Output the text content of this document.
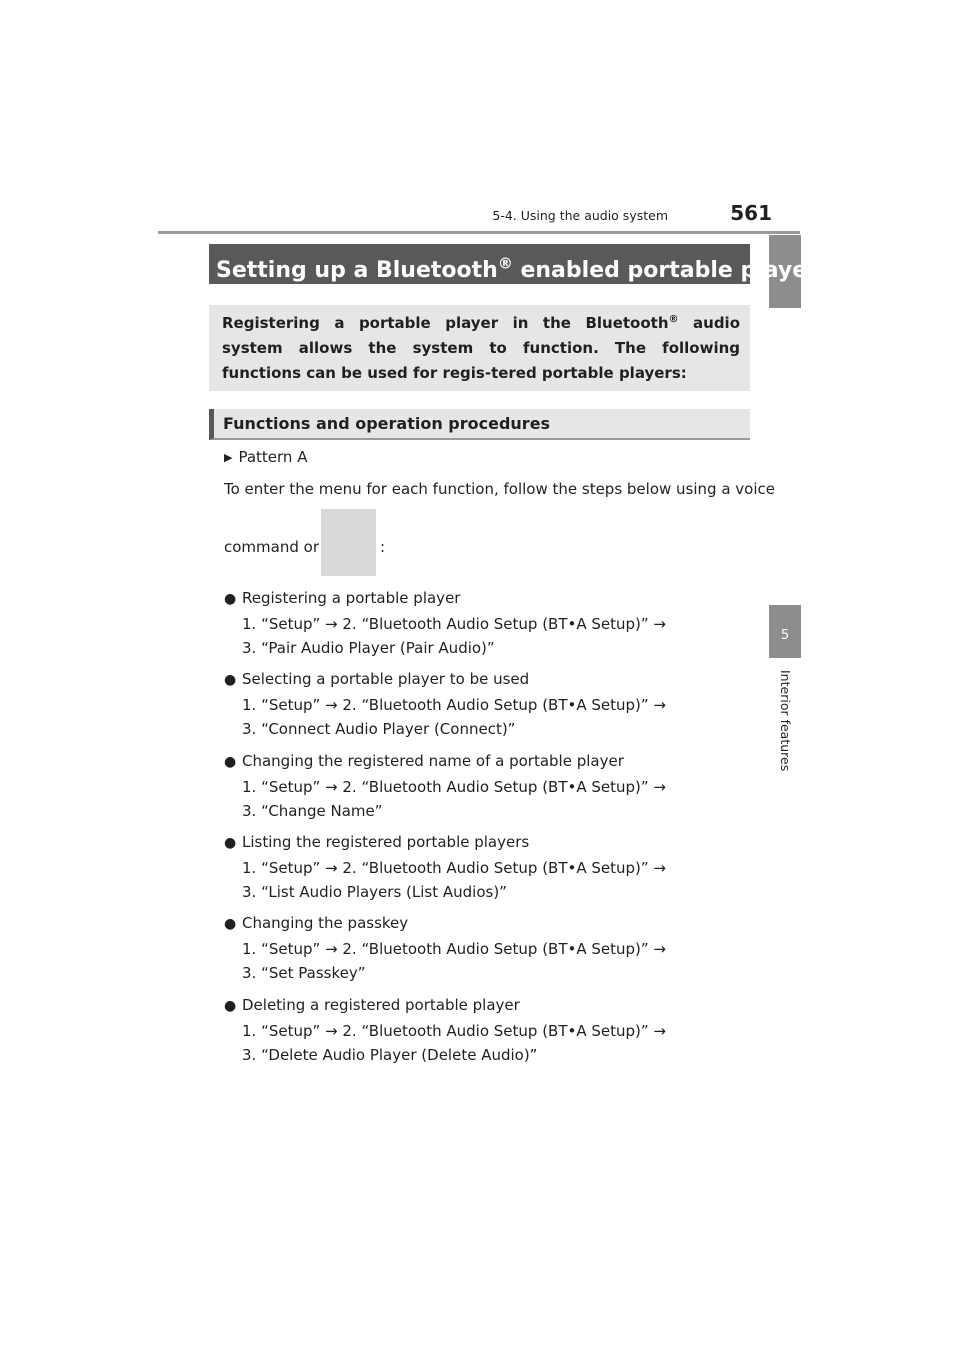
5-4. Using the audio system	561
5
Interior features
Setting up a Bluetooth® enabled portable player
Registering a portable player in the Bluetooth® audio system allows the system to function. The following functions can be used for regis-tered portable players:
Functions and operation procedures
▶ Pattern A
To enter the menu for each function, follow the steps below using a voice
command or	:
● Registering a portable player
1. “Setup” → 2. “Bluetooth Audio Setup (BT•A Setup)” →
3. “Pair Audio Player (Pair Audio)”
● Selecting a portable player to be used
1. “Setup” → 2. “Bluetooth Audio Setup (BT•A Setup)” →
3. “Connect Audio Player (Connect)”
● Changing the registered name of a portable player
1. “Setup” → 2. “Bluetooth Audio Setup (BT•A Setup)” →
3. “Change Name”
● Listing the registered portable players
1. “Setup” → 2. “Bluetooth Audio Setup (BT•A Setup)” →
3. “List Audio Players (List Audios)”
● Changing the passkey
1. “Setup” → 2. “Bluetooth Audio Setup (BT•A Setup)” →
3. “Set Passkey”
● Deleting a registered portable player
1. “Setup” → 2. “Bluetooth Audio Setup (BT•A Setup)” →
3. “Delete Audio Player (Delete Audio)”
